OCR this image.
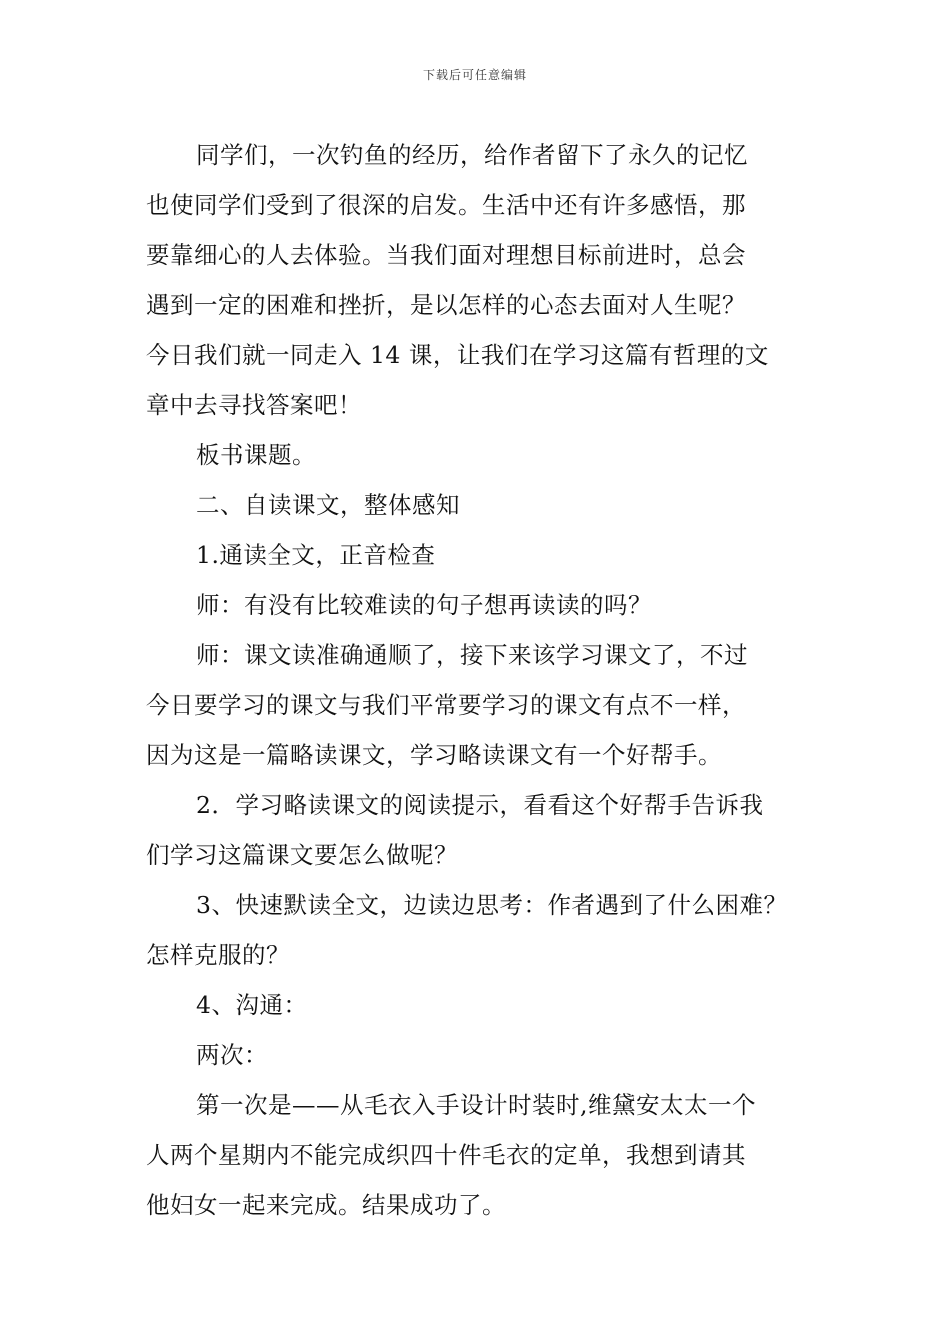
下载后可任意编辑
同学们，一次钓鱼的经历，给作者留下了永久的记忆
也使同学们受到了很深的启发。生活中还有许多感悟，那
要靠细心的人去体验。当我们面对理想目标前进时，总会
遇到一定的困难和挫折，是以怎样的心态去面对人生呢？
今日我们就一同走入 14 课，让我们在学习这篇有哲理的文
章中去寻找答案吧！
板书课题。
二、自读课文，整体感知
1.通读全文，正音检查
师：有没有比较难读的句子想再读读的吗？
师：课文读准确通顺了，接下来该学习课文了，不过
今日要学习的课文与我们平常要学习的课文有点不一样，
因为这是一篇略读课文，学习略读课文有一个好帮手。
2．学习略读课文的阅读提示，看看这个好帮手告诉我
们学习这篇课文要怎么做呢？
3、快速默读全文，边读边思考：作者遇到了什么困难？
怎样克服的？
4、沟通：
两次：
第一次是——从毛衣入手设计时装时,维黛安太太一个
人两个星期内不能完成织四十件毛衣的定单，我想到请其
他妇女一起来完成。结果成功了。
